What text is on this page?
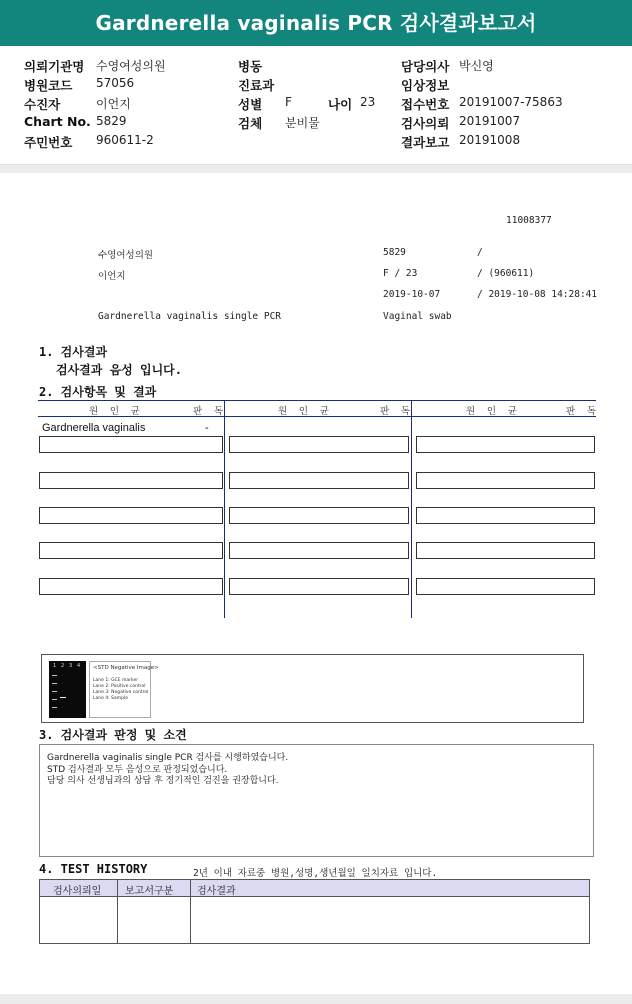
Gardnerella vaginalis PCR 검사결과보고서
의뢰기관명 수영여성의원
병원코드 57056
수진자	이언지
Chart No. 5829
주민번호 960611-2
병동
진료과
성별 F	나이 23
검체 분비물
담당의사 박신영
임상정보
접수번호 20191007-75863
검사의뢰 20191007
결과보고 20191008
11008377
수영여성의원	5829	/
이언지	F / 23	/ (960611)
2019-10-07	/ 2019-10-08 14:28:41
Gardnerella vaginalis single PCR	Vaginal swab
1. 검사결과
검사결과 음성 입니다.
2. 검사항목 및 결과
원 인 균	판 독	원 인 균	판 독	원 인 균	판 독
Gardnerella vaginalis	-
1 2 3 4 <STD Negative Image>
Lane 1: GCE marker
Lane 2: Positive control
Lane 3: Negative control
Lane 4: Sample
3. 검사결과 판정 및 소견
Gardnerella vaginalis single PCR 검사를 시행하였습니다.
STD 검사결과 모두 음성으로 판정되었습니다.
담당 의사 선생님과의 상담 후 정기적인 검진을 권장합니다.
4. TEST HISTORY	2년 이내 자료중 병원,성명,생년월일 일치자료 입니다.
검사의뢰일 보고서구분 검사결과
